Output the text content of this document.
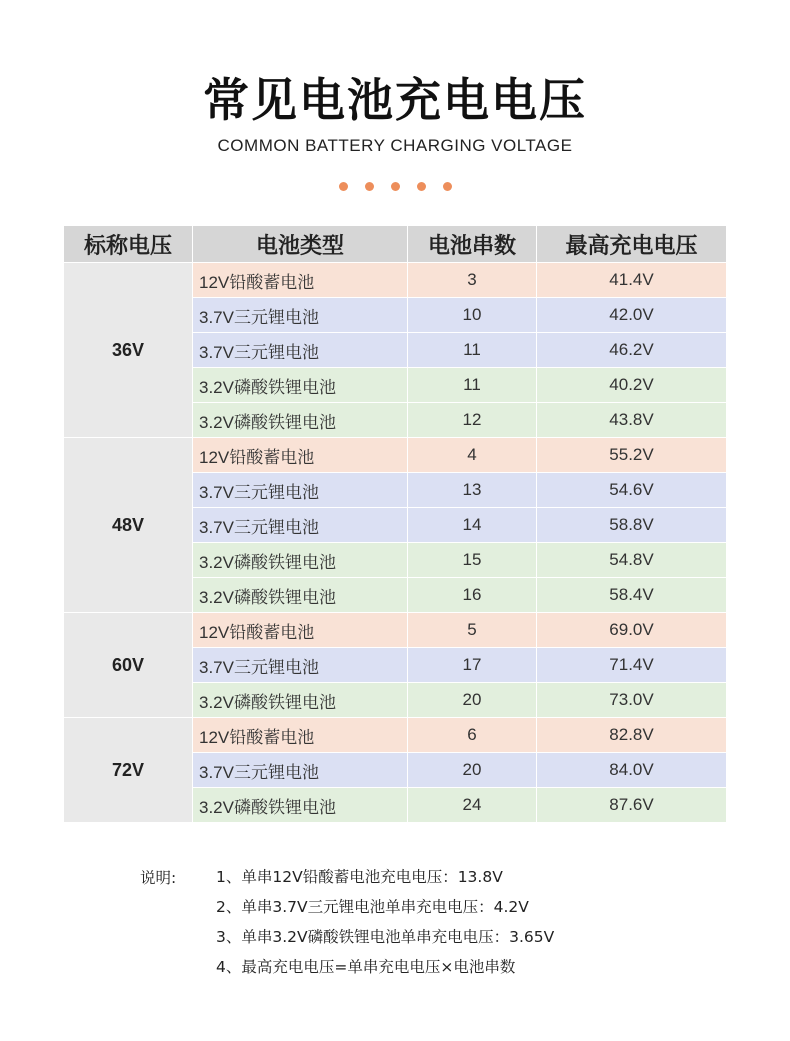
常见电池充电电压
COMMON BATTERY CHARGING VOLTAGE
标称电压	电池类型	电池串数	最高充电电压
36V	12V铅酸蓄电池	3	41.4V
	3.7V三元锂电池	10	42.0V
	3.7V三元锂电池	11	46.2V
	3.2V磷酸铁锂电池	11	40.2V
	3.2V磷酸铁锂电池	12	43.8V
48V	12V铅酸蓄电池	4	55.2V
	3.7V三元锂电池	13	54.6V
	3.7V三元锂电池	14	58.8V
	3.2V磷酸铁锂电池	15	54.8V
	3.2V磷酸铁锂电池	16	58.4V
60V	12V铅酸蓄电池	5	69.0V
	3.7V三元锂电池	17	71.4V
	3.2V磷酸铁锂电池	20	73.0V
72V	12V铅酸蓄电池	6	82.8V
	3.7V三元锂电池	20	84.0V
	3.2V磷酸铁锂电池	24	87.6V
说明:	1、单串12V铅酸蓄电池充电电压：13.8V
2、单串3.7V三元锂电池单串充电电压：4.2V
3、单串3.2V磷酸铁锂电池单串充电电压：3.65V
4、最高充电电压=单串充电电压×电池串数
